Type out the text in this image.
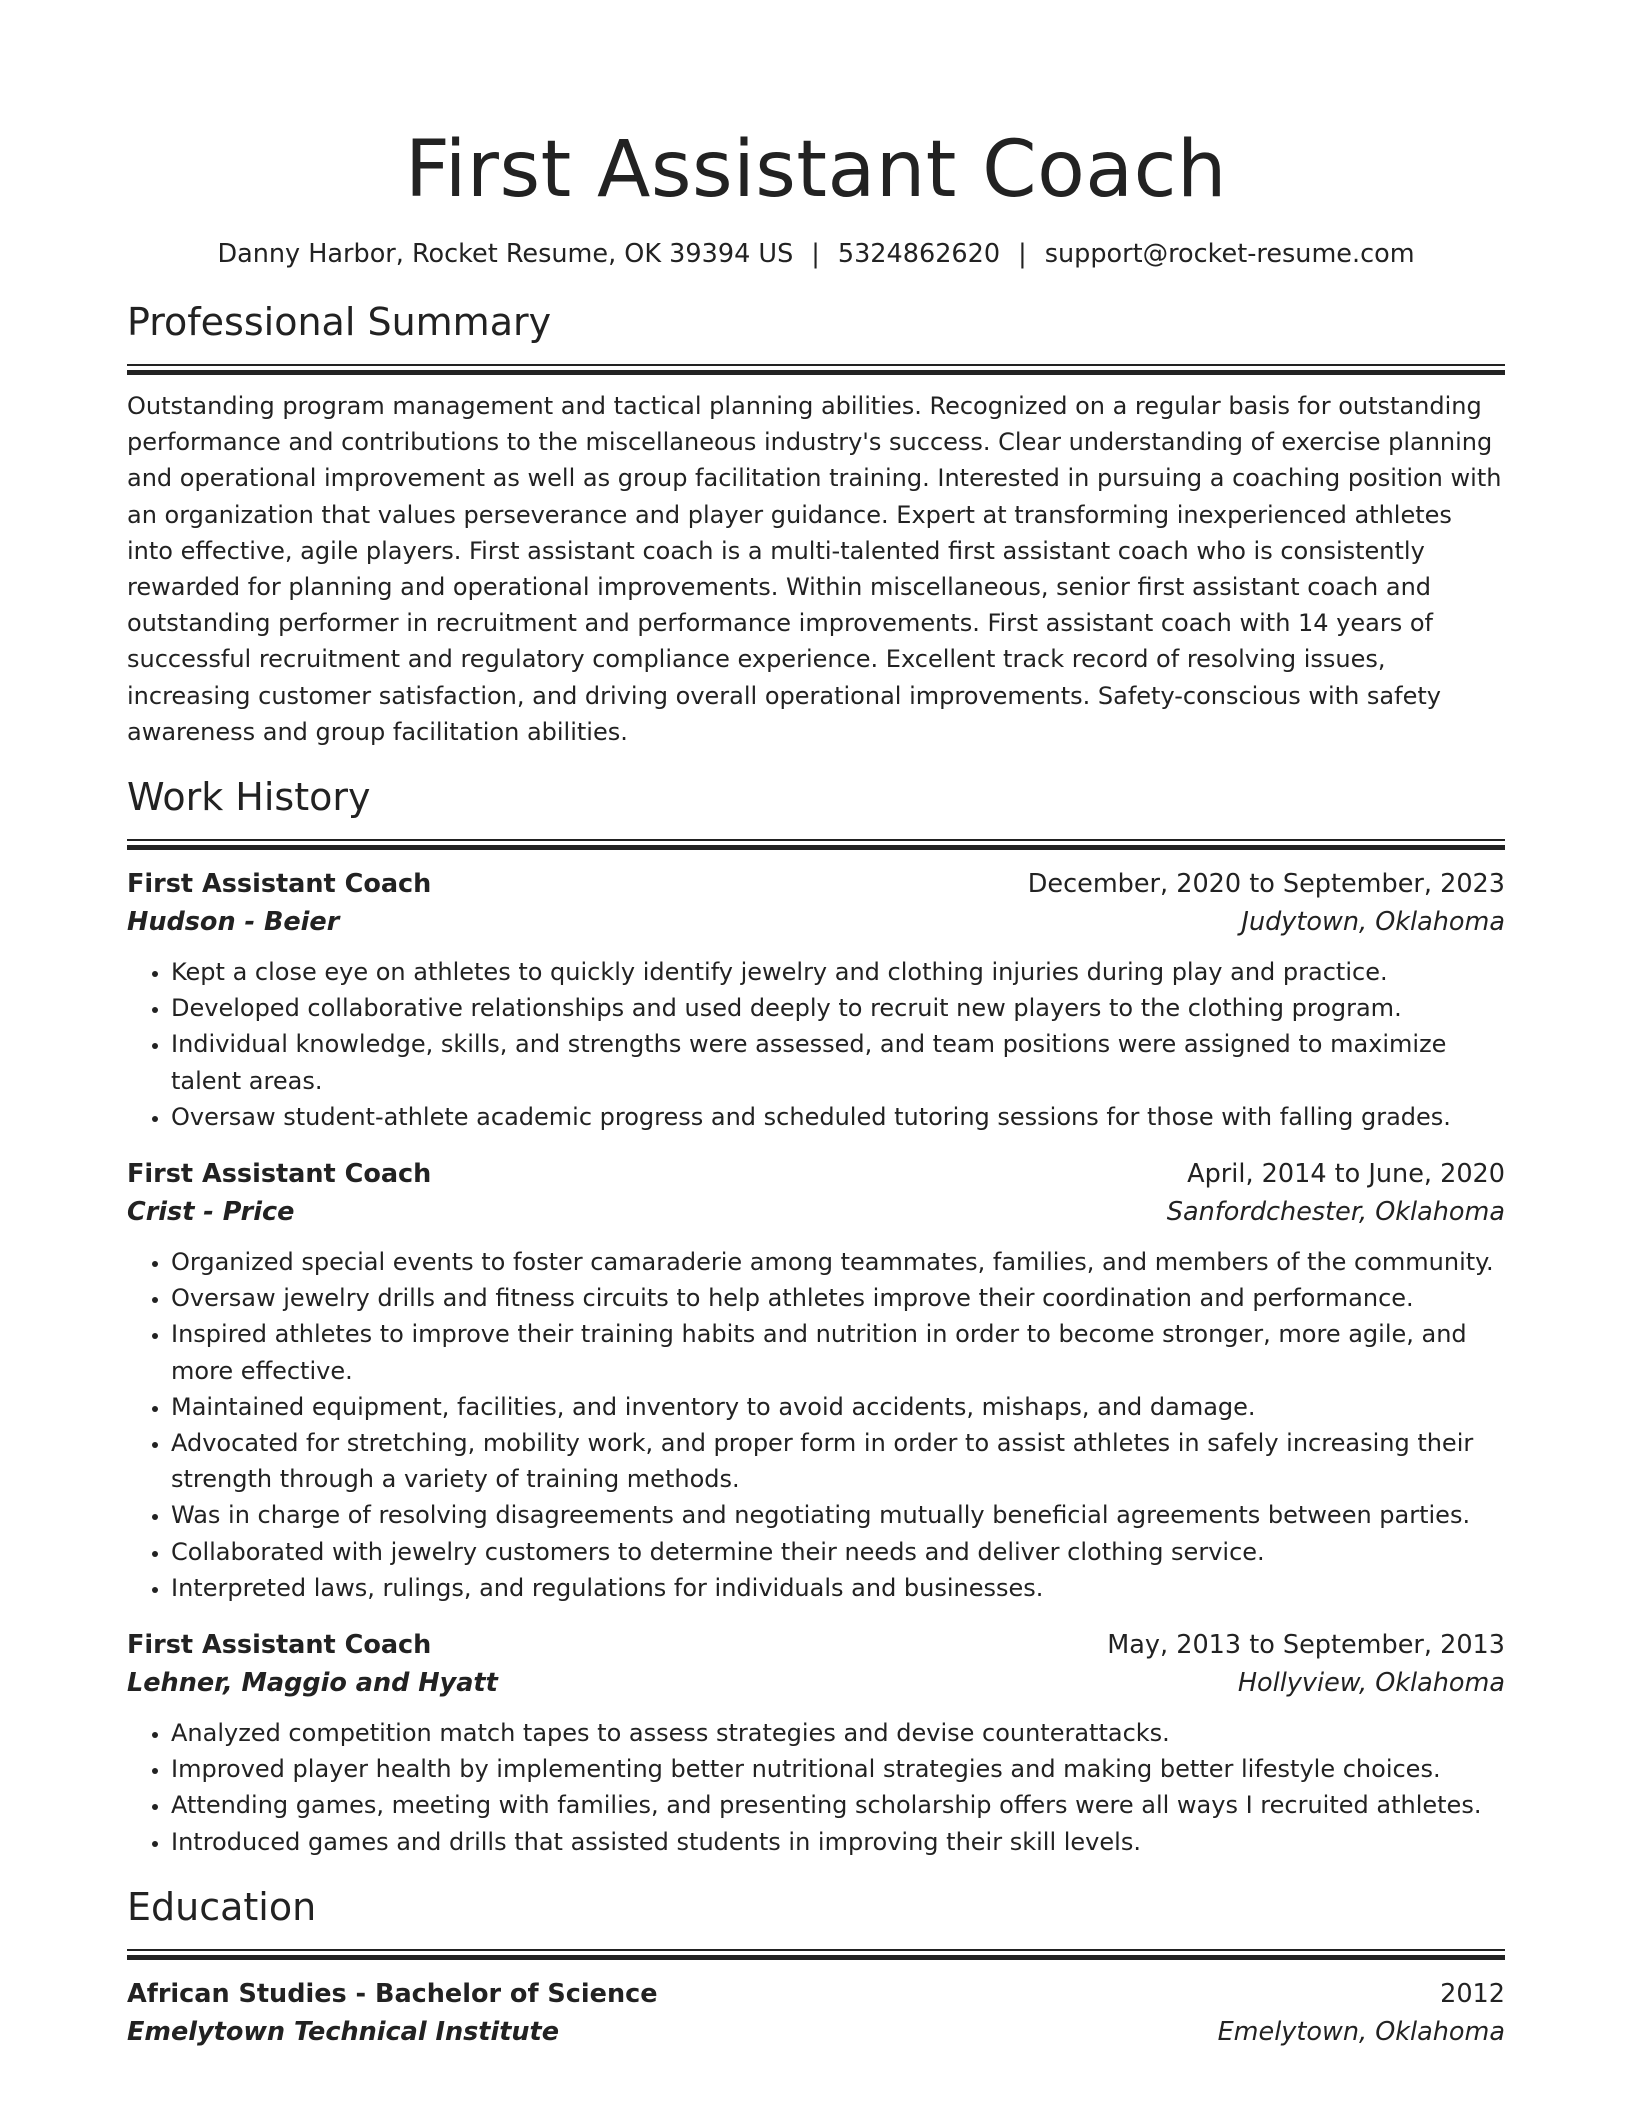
First Assistant Coach
Danny Harbor, Rocket Resume, OK 39394 US | 5324862620 | support@rocket-resume.com
Professional Summary

Outstanding program management and tactical planning abilities. Recognized on a regular basis for outstanding performance and contributions to the miscellaneous industry's success. Clear understanding of exercise planning and operational improvement as well as group facilitation training. Interested in pursuing a coaching position with an organization that values perseverance and player guidance. Expert at transforming inexperienced athletes into effective, agile players. First assistant coach is a multi-talented first assistant coach who is consistently rewarded for planning and operational improvements. Within miscellaneous, senior first assistant coach and outstanding performer in recruitment and performance improvements. First assistant coach with 14 years of successful recruitment and regulatory compliance experience. Excellent track record of resolving issues, increasing customer satisfaction, and driving overall operational improvements. Safety-conscious with safety awareness and group facilitation abilities.

Work History
First Assistant Coach	December, 2020 to September, 2023
Hudson - Beier	Judytown, Oklahoma
• Kept a close eye on athletes to quickly identify jewelry and clothing injuries during play and practice.
• Developed collaborative relationships and used deeply to recruit new players to the clothing program.
• Individual knowledge, skills, and strengths were assessed, and team positions were assigned to maximize talent areas.
• Oversaw student-athlete academic progress and scheduled tutoring sessions for those with falling grades.
First Assistant Coach	April, 2014 to June, 2020
Crist - Price	Sanfordchester, Oklahoma
• Organized special events to foster camaraderie among teammates, families, and members of the community.
• Oversaw jewelry drills and fitness circuits to help athletes improve their coordination and performance.
• Inspired athletes to improve their training habits and nutrition in order to become stronger, more agile, and more effective.
• Maintained equipment, facilities, and inventory to avoid accidents, mishaps, and damage.
• Advocated for stretching, mobility work, and proper form in order to assist athletes in safely increasing their strength through a variety of training methods.
• Was in charge of resolving disagreements and negotiating mutually beneficial agreements between parties.
• Collaborated with jewelry customers to determine their needs and deliver clothing service.
• Interpreted laws, rulings, and regulations for individuals and businesses.
First Assistant Coach	May, 2013 to September, 2013
Lehner, Maggio and Hyatt	Hollyview, Oklahoma
• Analyzed competition match tapes to assess strategies and devise counterattacks.
• Improved player health by implementing better nutritional strategies and making better lifestyle choices.
• Attending games, meeting with families, and presenting scholarship offers were all ways I recruited athletes.
• Introduced games and drills that assisted students in improving their skill levels.
Education
African Studies - Bachelor of Science	2012
Emelytown Technical Institute	Emelytown, Oklahoma
